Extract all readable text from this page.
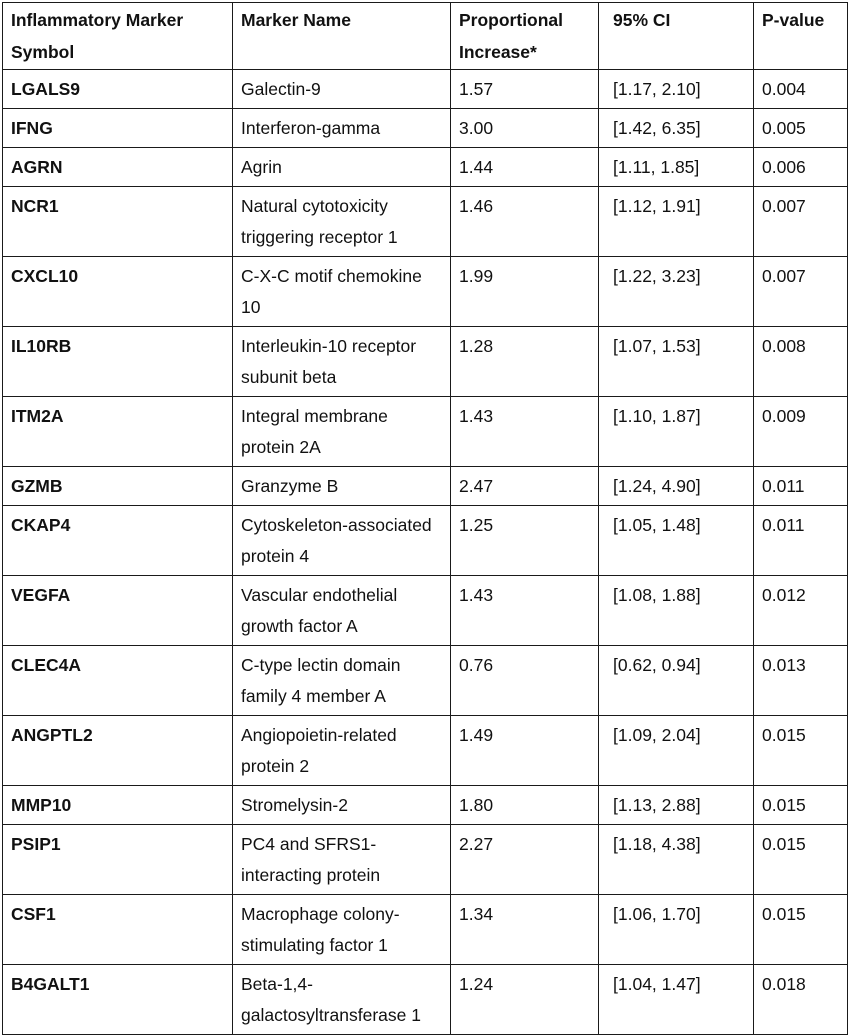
Inflammatory Marker Symbol	Marker Name	Proportional Increase*	95% CI	P-value
LGALS9	Galectin-9	1.57	[1.17, 2.10]	0.004
IFNG	Interferon-gamma	3.00	[1.42, 6.35]	0.005
AGRN	Agrin	1.44	[1.11, 1.85]	0.006
NCR1	Natural cytotoxicity triggering receptor 1	1.46	[1.12, 1.91]	0.007
CXCL10	C-X-C motif chemokine 10	1.99	[1.22, 3.23]	0.007
IL10RB	Interleukin-10 receptor subunit beta	1.28	[1.07, 1.53]	0.008
ITM2A	Integral membrane protein 2A	1.43	[1.10, 1.87]	0.009
GZMB	Granzyme B	2.47	[1.24, 4.90]	0.011
CKAP4	Cytoskeleton-associated protein 4	1.25	[1.05, 1.48]	0.011
VEGFA	Vascular endothelial growth factor A	1.43	[1.08, 1.88]	0.012
CLEC4A	C-type lectin domain family 4 member A	0.76	[0.62, 0.94]	0.013
ANGPTL2	Angiopoietin-related protein 2	1.49	[1.09, 2.04]	0.015
MMP10	Stromelysin-2	1.80	[1.13, 2.88]	0.015
PSIP1	PC4 and SFRS1-interacting protein	2.27	[1.18, 4.38]	0.015
CSF1	Macrophage colony-stimulating factor 1	1.34	[1.06, 1.70]	0.015
B4GALT1	Beta-1,4-galactosyltransferase 1	1.24	[1.04, 1.47]	0.018
